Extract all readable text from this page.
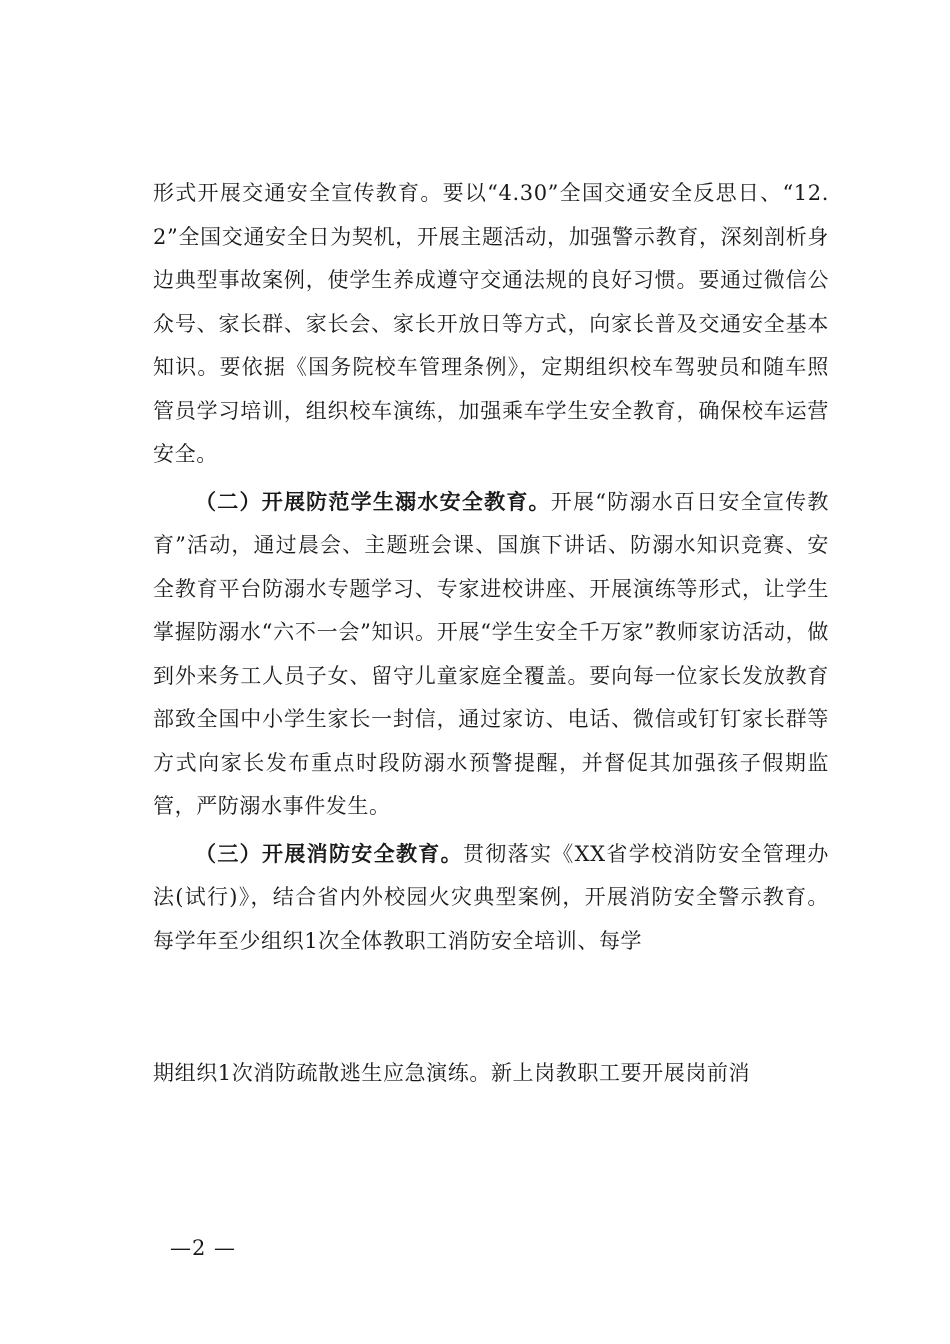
形式开展交通安全宣传教育。要以“4.30”全国交通安全反思日、“12.2”全国交通安全日为契机，开展主题活动，加强警示教育，深刻剖析身边典型事故案例，使学生养成遵守交通法规的良好习惯。要通过微信公众号、家长群、家长会、家长开放日等方式，向家长普及交通安全基本知识。要依据《国务院校车管理条例》，定期组织校车驾驶员和随车照管员学习培训，组织校车演练，加强乘车学生安全教育，确保校车运营安全。

（二）开展防范学生溺水安全教育。开展“防溺水百日安全宣传教育”活动，通过晨会、主题班会课、国旗下讲话、防溺水知识竞赛、安全教育平台防溺水专题学习、专家进校讲座、开展演练等形式，让学生掌握防溺水“六不一会”知识。开展“学生安全千万家”教师家访活动，做到外来务工人员子女、留守儿童家庭全覆盖。要向每一位家长发放教育部致全国中小学生家长一封信，通过家访、电话、微信或钉钉家长群等方式向家长发布重点时段防溺水预警提醒，并督促其加强孩子假期监管，严防溺水事件发生。

（三）开展消防安全教育。贯彻落实《XX省学校消防安全管理办法(试行)》，结合省内外校园火灾典型案例，开展消防安全警示教育。每学年至少组织1次全体教职工消防安全培训、每学

期组织1次消防疏散逃生应急演练。新上岗教职工要开展岗前消

—2 —
